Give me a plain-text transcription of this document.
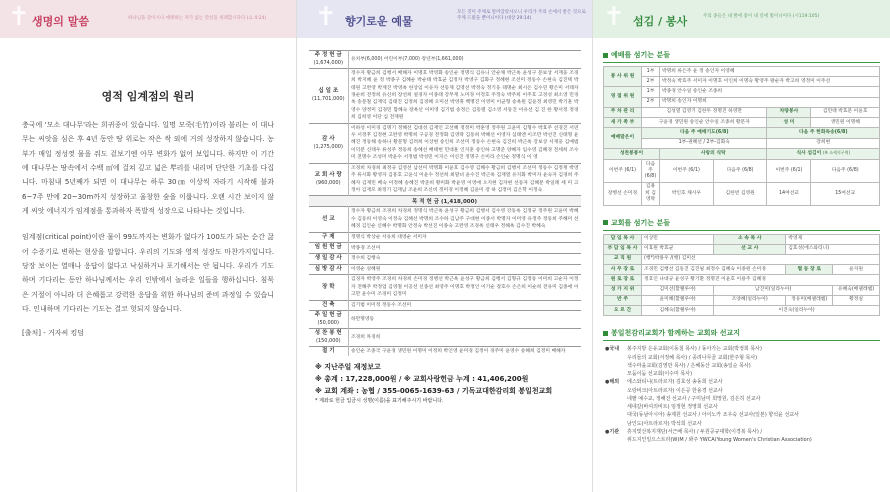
✝ 생명의 말씀	하나님을 찾이시나 애태하는 자가 없는 만선을 세례합시다다 (요 4:24)
영적 임계점의 원리

충국에 '모소 대나무'라는 희귀종이 있습니다. 일명 모죽(毛竹)이라 불리는 이 대나무는 씨앗을 심은 후 4년 동안 땅 위로는 작은 싹 외에 거의 성장하지 않습니다. 농부가 매일 정성껏 물을 줘도 겉보기엔 아무 변화가 없어 보입니다. 하지만 이 기간에 대나무는 땅속에서 수백 ㎡에 걸쳐 깊고 넓은 뿌리를 내리며 단단한 기초를 다집니다. 마침내 5년째가 되면 이 대나무는 하루 30㎝ 이상씩 자라기 시작해 불과 6~7주 만에 20~30m까지 성장하고 울창한 숲을 이룹니다. 오랜 시간 보이지 않게 씨앗 에너지가 임계점을 통과하자 폭발적 성장으로 나타나는 것입니다.

임계점(critical point)이란 물이 99도까지는 변화가 없다가 100도가 되는 순간 끓어 수증기로 변하는 현상을 말합니다. 우리의 기도와 영적 성장도 마찬가지입니다. 당장 보이는 열매나 응답이 없다고 낙심하거나 포기해서는 안 됩니다. 우리가 기도하며 기다리는 동안 하나님께서는 우리 인밖에서 놀라운 일들을 행하십니다. 침묵은 거절이 아니라 더 은혜롭고 강력한 응답을 위한 하나님의 준비 과정일 수 있습니다. 인내하며 기다리는 기도는 결코 헛되지 않습니다.

[출처] - 거자씨 킹덤
✝ 향기로운 예물
모든 것이 주께로 말미암았사오니 우리가 주의 손에서 받은 것으로 주께 드렸을 뿐이니이다 (대상 29:14)
주 정 헌 금
(1,674,000)	유치부(6,000) 어린이부(7,000) 장년부(1,661,000)
십 일 조
(11,701,000)	정수자 황금희 김행서 배해자 이명호 박영화 송인순 정명식 김유니 안순채 박근옥 윤성구 문보상 서재웅 조경희 박지혜 윤 정 박종구 김혜순 박순태 박효균 김정자 박영구 김화구 정혜현 조선미 정동수 손현숙 김진택 박태원 고완영 박재진 박영옥 한상임 이유자 선동재 김영선 박정숙 정기웅 태명순 최시온 김수연 황은미 서태자 경순희 전정희 유신희 장선희 설경자 이종태 강무재 노미경 이정호 주정숙 박주희 이주호 고경성 최소영 민경옥 송문철 김재익 김태진 김정희 김경혜 오미선 박영휴 백명진 이영미 이균형 송옥원 김윤정 최영민 박기훈 박영수 양정미 김경민 함혜숙 장옥선 이미영 김기범 송정은 김동렬 김소영 서동진 이유선 김 진 한 황서정 정경희 김희영 이단 심 전재원
감 사
(1,275,000)	이하성 이미경 김명기 정혜선 김대성 김재인 고선혜 정정미 박훈영 정주원 고윤미 김형수 박효주 선경진 서연우 서정후 김정현 고완영 박명희 구공경 전정화 김영락 김동희 박혜선 이영자 심태엔 이조만 박선진 신태형 윤혜진 정동해 송하나 황문형 김려희 이상현 송인희 조선미 정동수 손현숙 김진희 박근옥 강보상 서재웅 김예범 이덕분 신태우 류성주 정동희 송혜선 배태헌 민대훈 인지훈 송인하 고명준 양혜자 임수영 김혜경 전세희 조수미 전명수 조성미 박윤수 서정범 박성민 이지은 이신진 정명구 손미라 손인순 정명식 이 영
교 회 사 랑
(960,000)	조경희 차경희 최정규 김영선 남선미 박명화 이윤호 김수영 김혜수 황금희 김행서 조선미 정동수 김정재 박영주 류시화 황영자 김흥호 고윤식 이윤수 정선희 최말녀 윤수진 박근옥 김재열 유지화 박미자 윤숙자 김경희 주혜자 김재민 배숙 이정혜 송혜진 박준희 황미화 박윤영 이영애 오지현 김자현 선동자 김혜분 박일례 세 미 고정아 김재모 최정기 김재남 조윤희 조신비 정미경 이정혜 김윤미 장 하 김정미 김은학 이정숙
목 적 헌 금 (1,418,000)	
선 교	정수자 황금희 조경희 차경희 정명식 박근옥 윤성구 황금희 김행서 김수영 강동옥 김정규 정주원 고윤미 박혜수 김동희 이영숙 이정숙 김혜선 박명희 조수하 김남주 구대현 이종서 박명자 이미영 유정주 정동희 주해미 선혜경 김인순 신혜수 박명화 안정숙 박선진 이종숙 고완영 조경옥 신태우 정해옥 김수진 박혜숙
구 제	정명식 박상순 서유희 대영순 서미자
임 원 헌 금	박종경 조선미
생 일 감 사	정수희 김행숙
심 방 감 사	이영순 성혜원
장 학	김경자 박영주 조경희 차경희 손미경 정병선 박근옥 윤성구 황금희 김행서 김형규 김정동 이미희 고순자 이정자 전해주 박정업 김영철 이공선 신종선 최영주 이명호 박정인 이기순 장호수 손은희 이순희 전유미 김종애 이고만 윤수미 조경미 김정미
건 축	김기범 이미정 정동수 조선미
주 일 헌 금
(50,000)	하만명영동
성 찬 봉 헌
(150,000)	조경희 차경희
절 기	송인순 조종국 구윤경 생민원 이명미 이정희 박인영 윤미경 김정이 경주미 윤영수 송해희 김정미 배해자
※ 지난주일 재정보고
※ 총계 : 17,228,000원 / ※ 교회사랑헌금 누계 : 41,406,200원
※ 교회 계좌 : 농협 / 355-0065-1639-63 / 기독교대한감리회 봉일천교회
* 계좌로 헌금 입금시 성명(이름)을 표기해주시기 바랍니다.
✝ 섬김 / 봉사	주의 종들은 내 발에 좋이 내 길에 빛이니이다 (시119:105)
예배를 섬기는 분들
봉 사 위 원	1부	박명희 류은주 윤 정 송인자 이영혜			
	2부	박정숙 박효주 서미자 이명호 이인희 이명숙 황영주 왕순자 박고희 영정미 이주선			
영 접 위 원	1부	박종경 안수일 송인순 조종희			
	2부	박명희 송인자 이명희			
주 차 관 리	김성열 김영기 김한두 정명진 하영만			차량봉사	김민태 박효문 이윤호
새 가 족 부	구윤경 생민원 송인순 안수일 조종희 황문자			성 미	생민원 이명혜
예배말은이	다음 주 예배기도(6/8)			다음 주 헌화독송(6/8)	
	1부-권혜선 / 2부-김화숙			강희현	
성찬봉봉이		사랑의 식탁		식사 섬김이 (※ 소세지구역)	
이번주 (6/1)	다음주 (6/8)	이번주 (6/1)	다음주 (6/8)	이번주 (6/1)	다음주 (6/8)
장병선 손미경	김용희 김영락	박인호 채시우	김한빈 김영원	14여선교	15여선교
교회를 섬기는 분들
담 임 목 사	이상민	소 속 목 사	박영제	
부 담 임 목 사	이효원 박효균	선 교 사	김효성(에스와티니)	
교 직 원	(행*)박용우 /(행) 김미선			
사 무 장 로	조경민 김행선 김동진 김진필 최정수 김혜숙 이종원 손미경		협 동 장 로	윤지원
원 로 장 로	정호인 나대규 윤성구 황기환 정명진 이윤호 이용주 김혜경			
성 가 지 위	김미선(할렐루야)	남진미(일라누아)		유혜숙(베델레헴)
반 주	윤미혜(할렐루야)	조양혜(일라누아)	정유미(베델레헴)	황정실
오 르 간	김혜숙(할렐루야)	이진숙(일라누아)		
봉일천감리교회가 함께하는 교회와 선교지
●국내	봉주지방 은유교회(이동칠 목사) / 동아가는 교회(박정희 목사)
우리들의 교회(서정혜 목사) / 종려나무골 교회(한주형 목사)
색수마을교회(김영만 목사) / 은혜동산 교회(송일순 목사)
모둠이둠 선교회(이수미 목사)
●해외	에스와티니(트라르자) 김효성 송동희 선교사
오랑비크(아트라르자) 이은공 한용경 선교사
네팔 예수교, 정해진 선교사 / 구미남미 희망원, 김은히 선교사
세네갈(바셔의비트) 임정현 정영희 선교사
대국(동남아시아) 송제원 선교사 / 아이노카 조우숙 선교사(일본) 향석윤 선교사
남인도(아트라르자) 박석희 선교사
●기관	휴지빛산복지재단(서근배 목사) / 두원공규대학(이경복 목사) /
위드지인일으스트라(W)M / 봐주 YWCA(Young Women's Christian Association)
